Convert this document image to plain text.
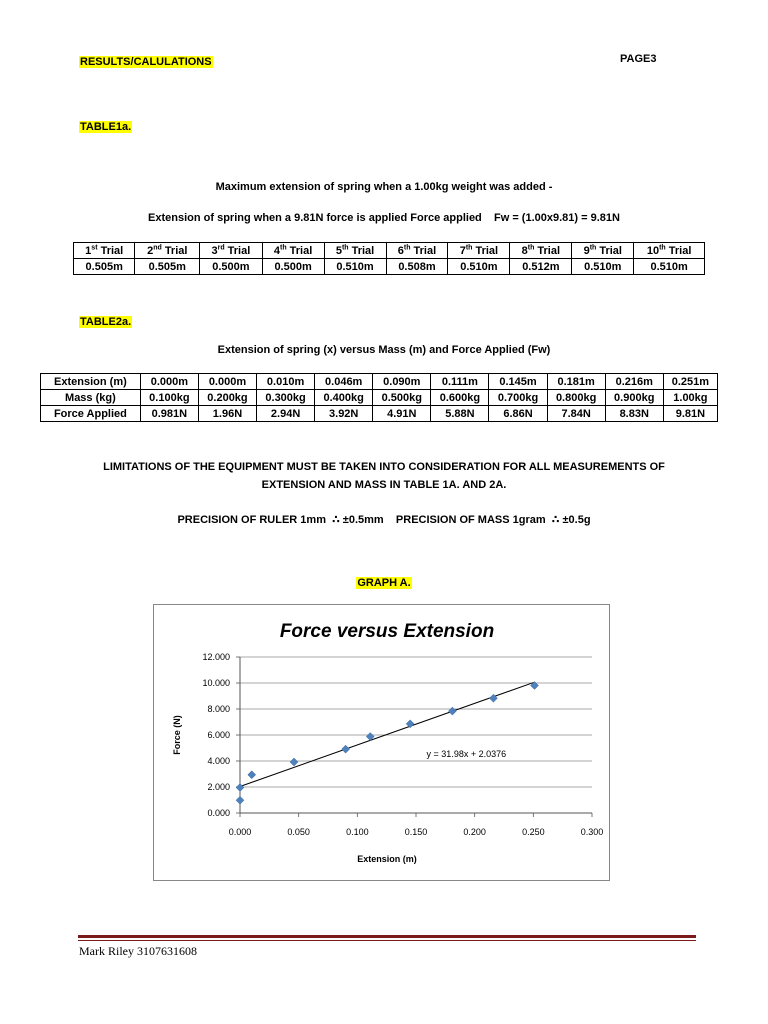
RESULTS/CALULATIONS	PAGE3
TABLE1a.
Maximum extension of spring when a 1.00kg weight was added -
Extension of spring when a 9.81N force is applied Force applied    Fw = (1.00x9.81) = 9.81N
1st Trial	2nd Trial	3rd Trial	4th Trial	5th Trial	6th Trial	7th Trial	8th Trial	9th Trial	10th Trial
0.505m	0.505m	0.500m	0.500m	0.510m	0.508m	0.510m	0.512m	0.510m	0.510m
TABLE2a.
Extension of spring (x) versus Mass (m) and Force Applied (Fw)
Extension (m)	0.000m	0.000m	0.010m	0.046m	0.090m	0.111m	0.145m	0.181m	0.216m	0.251m
Mass (kg)	0.100kg	0.200kg	0.300kg	0.400kg	0.500kg	0.600kg	0.700kg	0.800kg	0.900kg	1.00kg
Force Applied	0.981N	1.96N	2.94N	3.92N	4.91N	5.88N	6.86N	7.84N	8.83N	9.81N
LIMITATIONS OF THE EQUIPMENT MUST BE TAKEN INTO CONSIDERATION FOR ALL MEASUREMENTS OF
EXTENSION AND MASS IN TABLE 1A. AND 2A.
PRECISION OF RULER 1mm  ∴ ±0.5mm    PRECISION OF MASS 1gram  ∴ ±0.5g
GRAPH A.
Force versus Extension
0.000
2.000
4.000
6.000
8.000
10.000
12.000
0.000	0.050	0.100	0.150	0.200	0.250	0.300
Extension (m)
Force (N)	y = 31.98x + 2.0376
Mark Riley 3107631608
